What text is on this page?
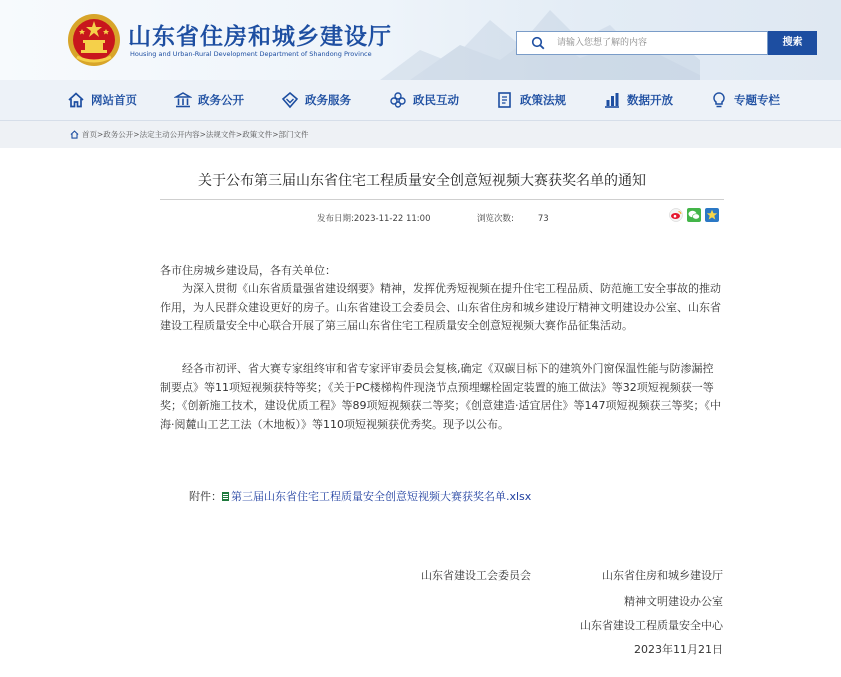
山东省住房和城乡建设厅
Housing and Urban-Rural Development Department of Shandong Province
请输入您想了解的内容
搜索
网站首页	政务公开	政务服务	政民互动	政策法规	数据开放	专题专栏
首页 > 政务公开 > 法定主动公开内容 > 法规文件 > 政策文件 > 部门文件
关于公布第三届山东省住宅工程质量安全创意短视频大赛获奖名单的通知
发布日期:2023-11-22 11:00	浏览次数:	73
各市住房城乡建设局，各有关单位：
为深入贯彻《山东省质量强省建设纲要》精神，发挥优秀短视频在提升住宅工程品质、防范施工安全事故的推动作用，为人民群众建设更好的房子。山东省建设工会委员会、山东省住房和城乡建设厅精神文明建设办公室、山东省建设工程质量安全中心联合开展了第三届山东省住宅工程质量安全创意短视频大赛作品征集活动。
经各市初评、省大赛专家组终审和省专家评审委员会复核,确定《双碳目标下的建筑外门窗保温性能与防渗漏控制要点》等11项短视频获特等奖；《关于PC楼梯构件现浇节点预埋螺栓固定装置的施工做法》等32项短视频获一等奖；《创新施工技术，建设优质工程》等89项短视频获二等奖；《创意建造·适宜居住》等147项短视频获三等奖；《中海·阅麓山工艺工法（木地板）》等110项短视频获优秀奖。现予以公布。
附件： 第三届山东省住宅工程质量安全创意短视频大赛获奖名单.xlsx
山东省建设工会委员会	山东省住房和城乡建设厅
精神文明建设办公室
山东省建设工程质量安全中心
2023年11月21日
